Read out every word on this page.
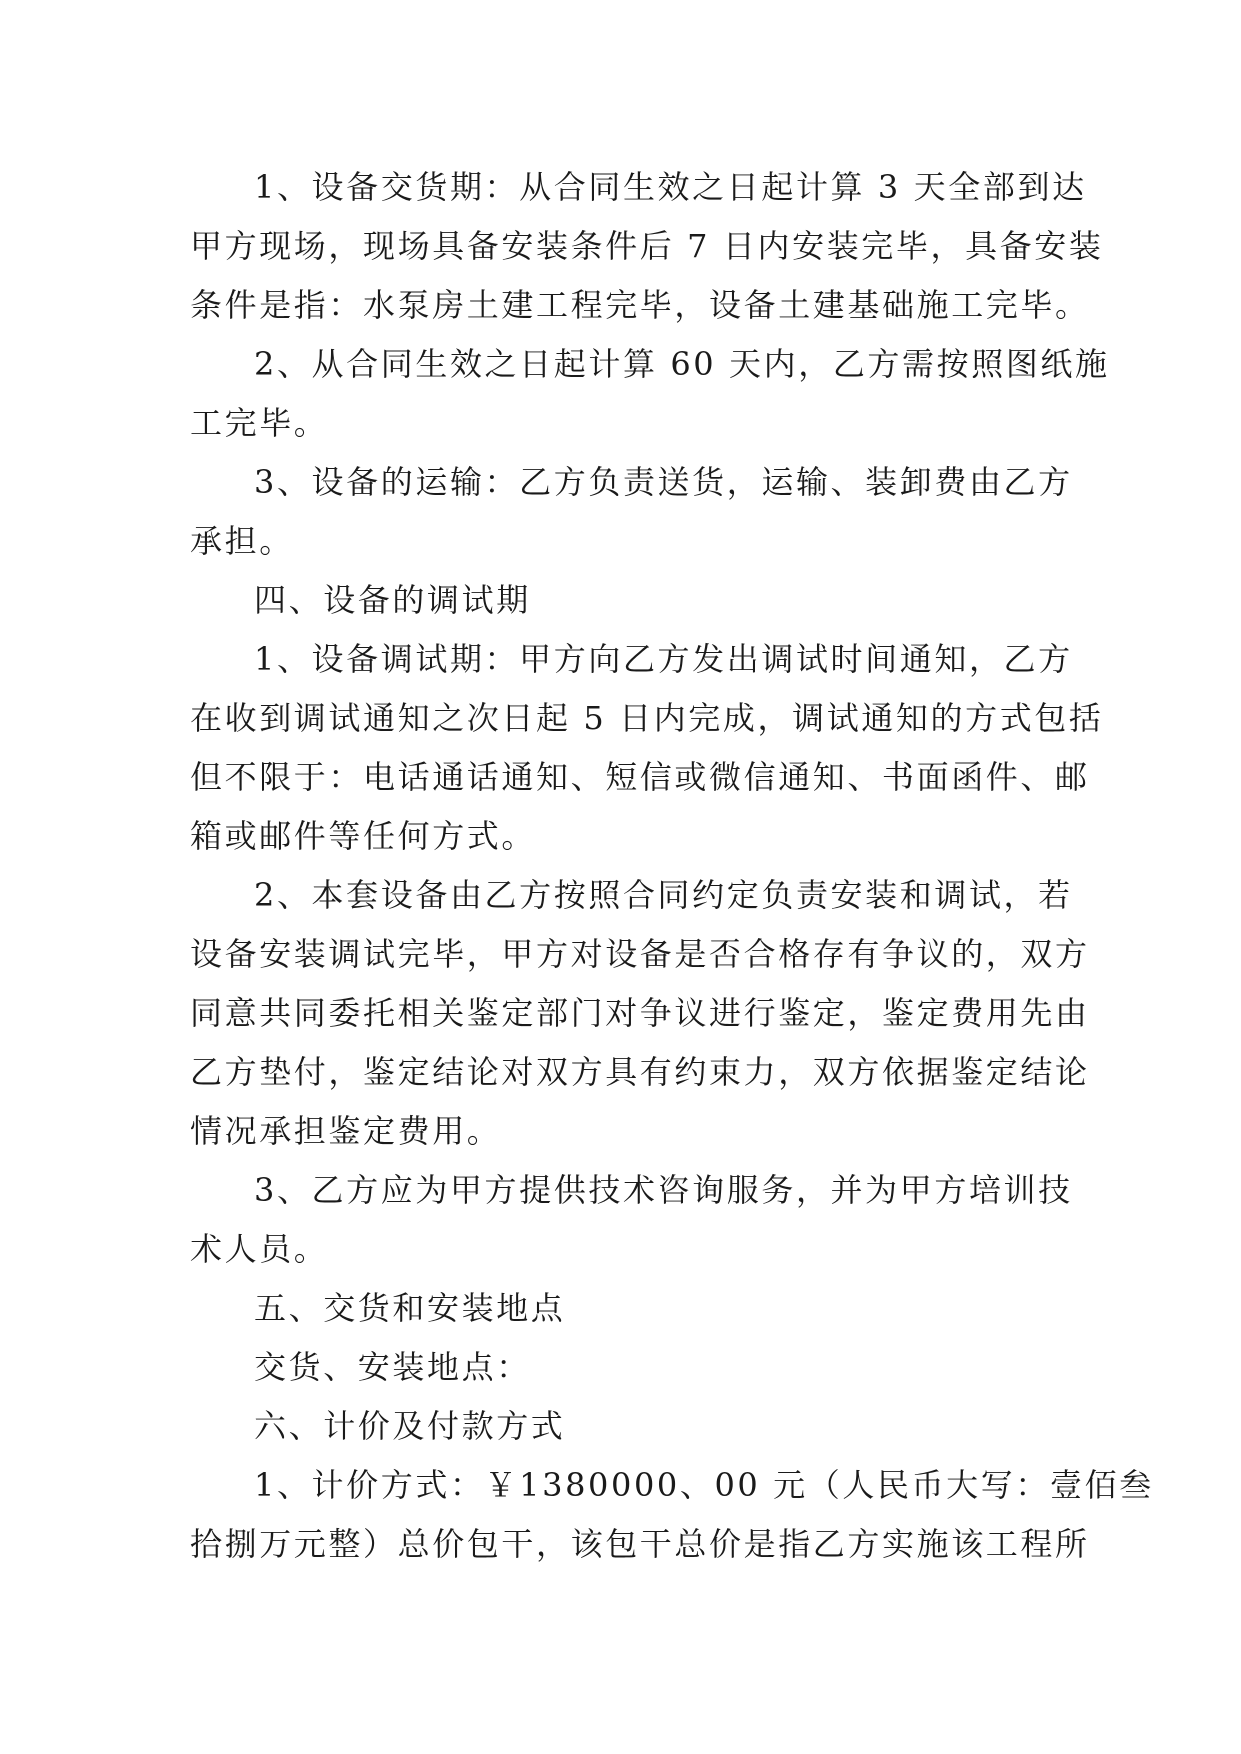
1、设备交货期：从合同生效之日起计算 3 天全部到达
甲方现场，现场具备安装条件后 7 日内安装完毕，具备安装
条件是指：水泵房土建工程完毕，设备土建基础施工完毕。
2、从合同生效之日起计算 60 天内，乙方需按照图纸施
工完毕。
3、设备的运输：乙方负责送货，运输、装卸费由乙方
承担。
四、设备的调试期
1、设备调试期：甲方向乙方发出调试时间通知，乙方
在收到调试通知之次日起 5 日内完成，调试通知的方式包括
但不限于：电话通话通知、短信或微信通知、书面函件、邮
箱或邮件等任何方式。
2、本套设备由乙方按照合同约定负责安装和调试，若
设备安装调试完毕，甲方对设备是否合格存有争议的，双方
同意共同委托相关鉴定部门对争议进行鉴定，鉴定费用先由
乙方垫付，鉴定结论对双方具有约束力，双方依据鉴定结论
情况承担鉴定费用。
3、乙方应为甲方提供技术咨询服务，并为甲方培训技
术人员。
五、交货和安装地点
交货、安装地点：
六、计价及付款方式
1、计价方式：￥1380000、00 元（人民币大写：壹佰叁
拾捌万元整）总价包干，该包干总价是指乙方实施该工程所
